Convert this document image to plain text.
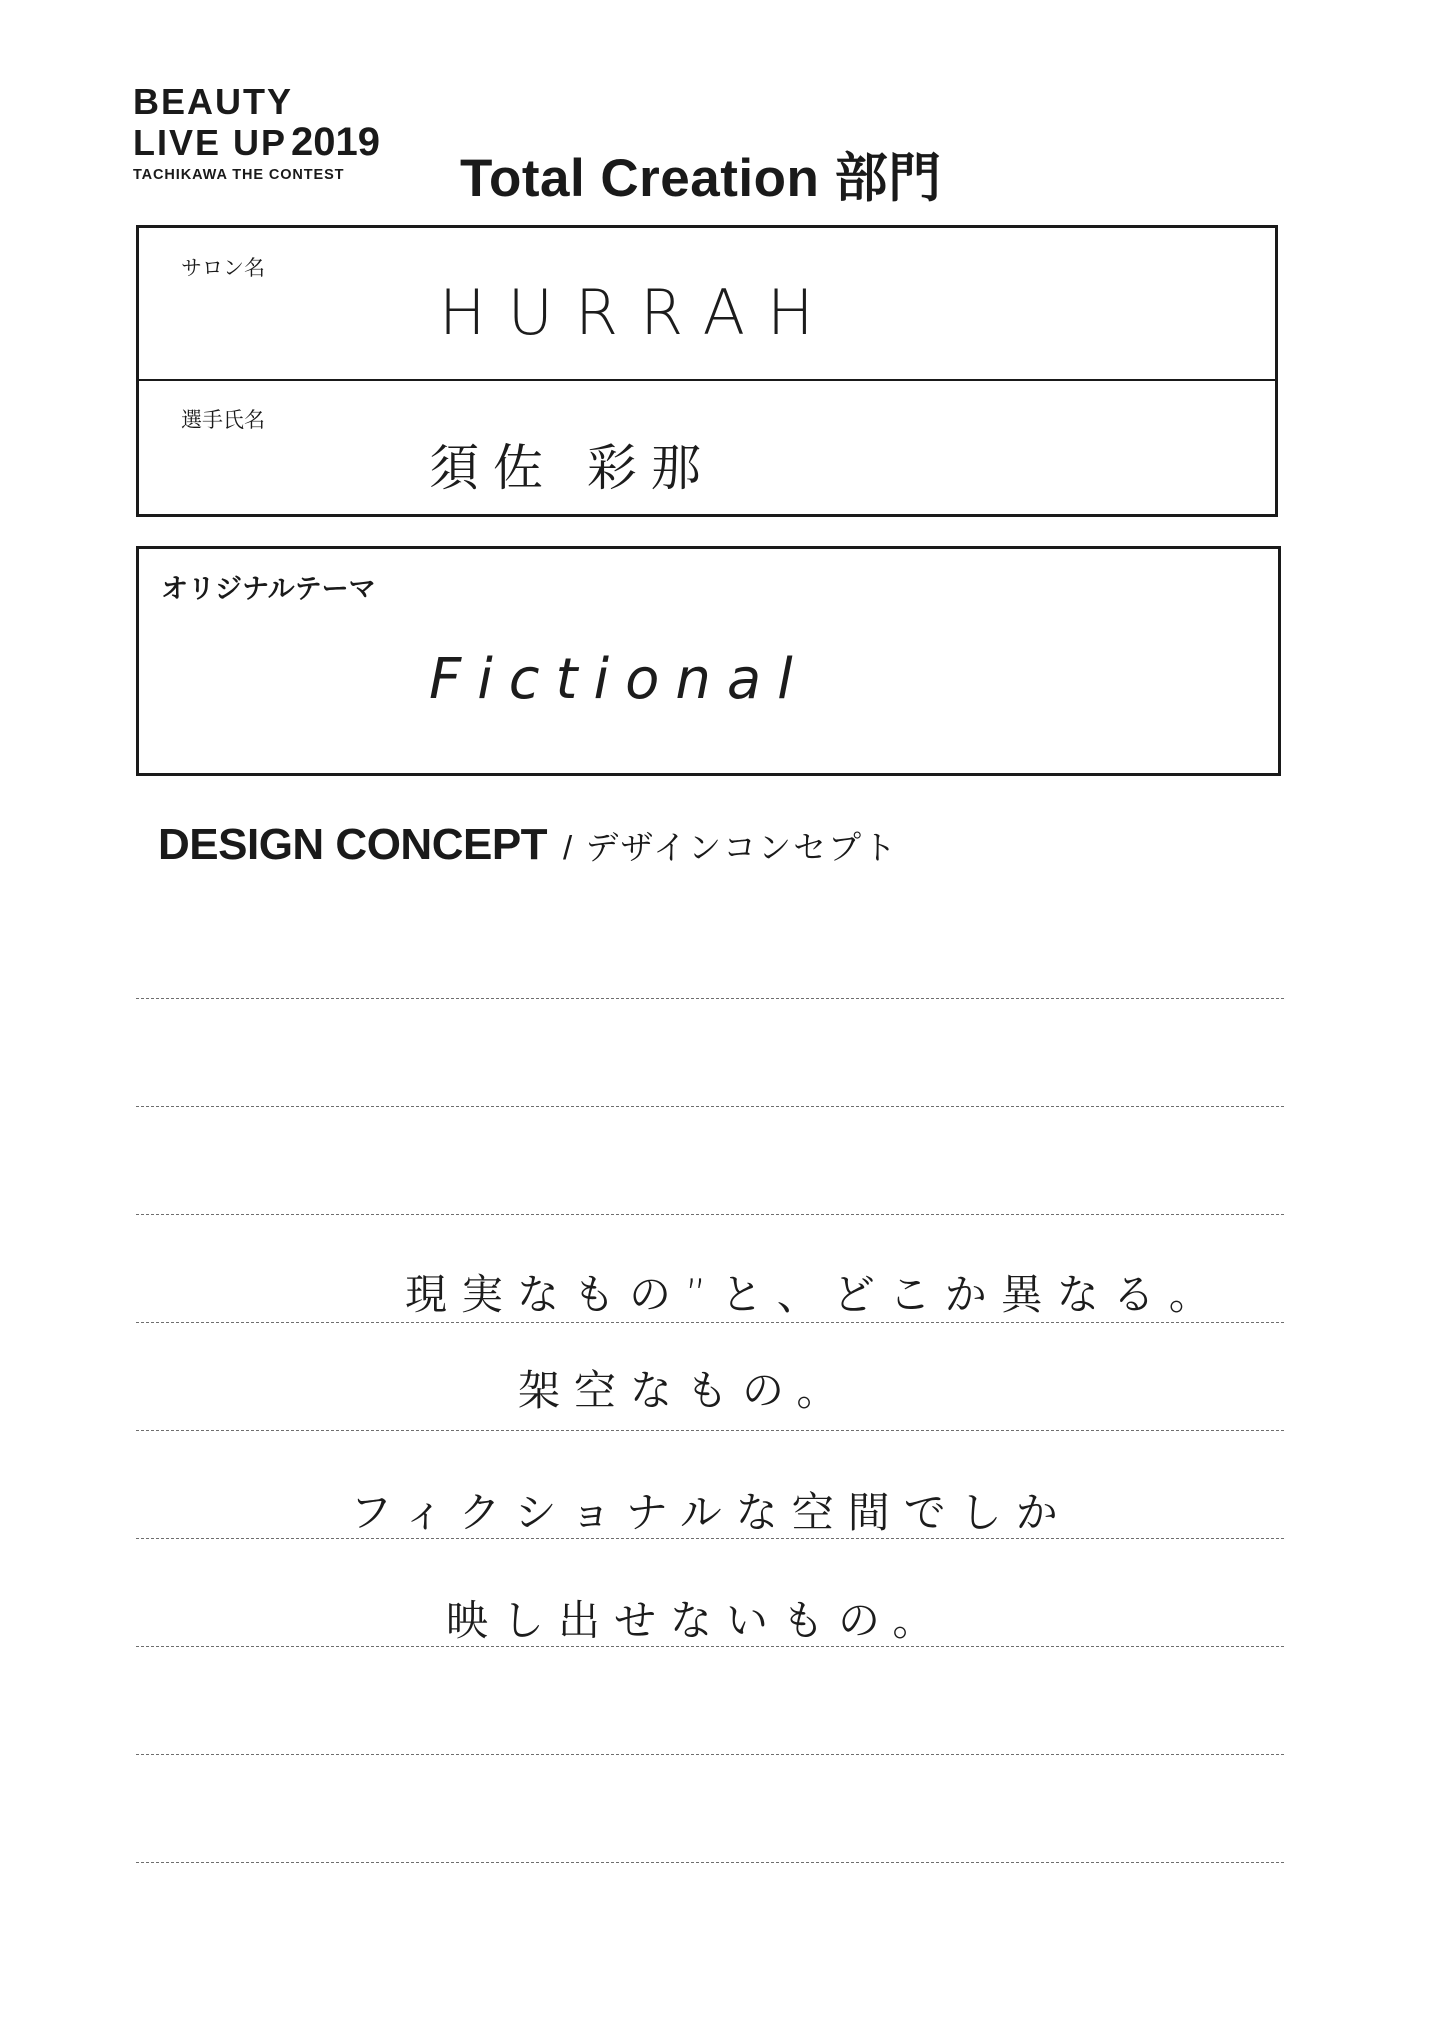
BEAUTY
LIVE UP 2019
TACHIKAWA THE CONTEST	Total Creation 部門
サロン名
HURRAH
選手氏名
須佐 彩那
オリジナルテーマ
Fictional
DESIGN CONCEPT / デザインコンセプト
現実なもの”と、どこか異なる。
架空なもの。
フィクショナルな空間でしか
映し出せないもの。
